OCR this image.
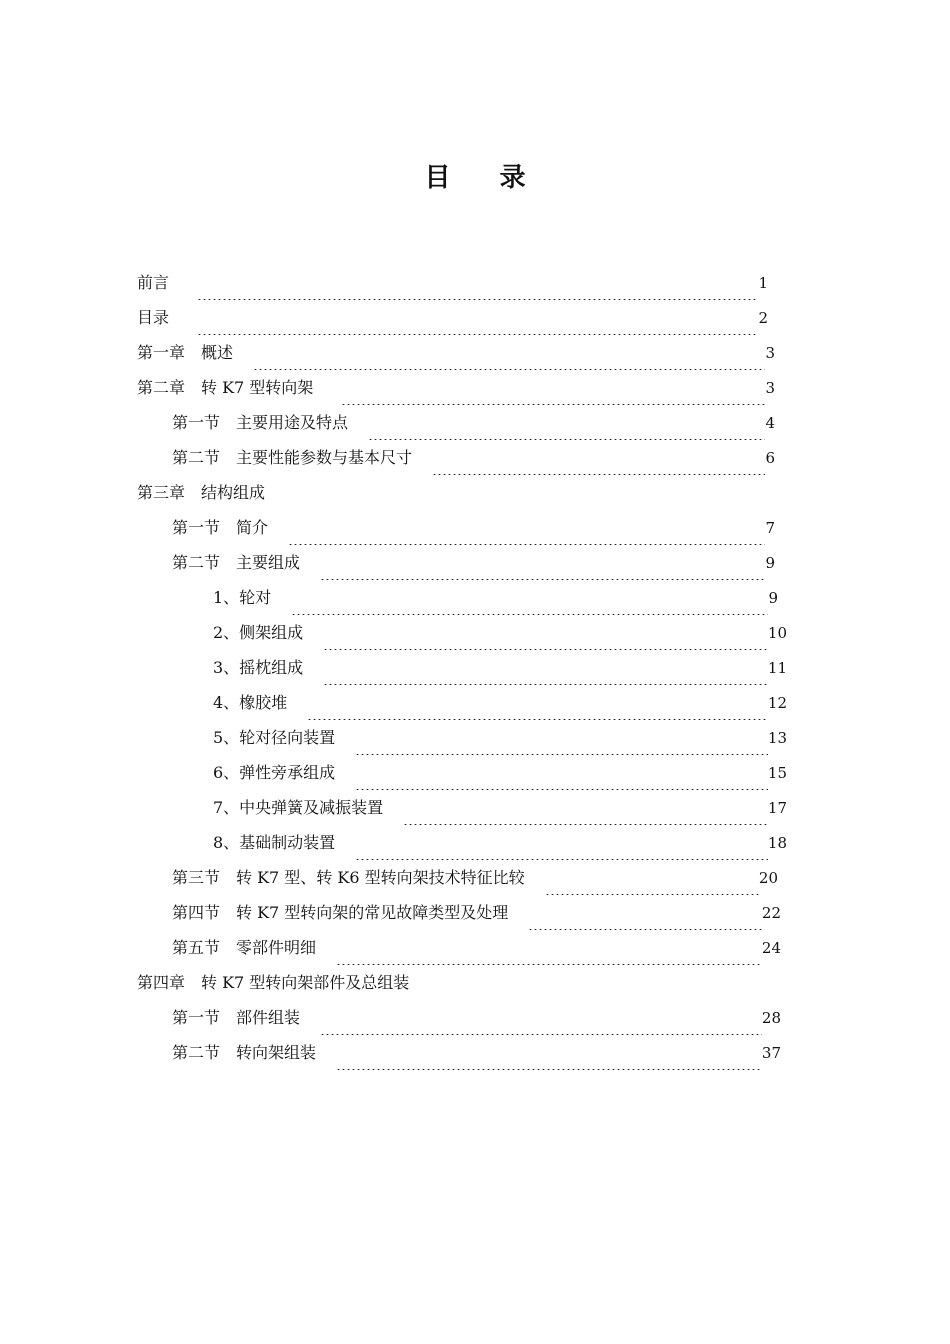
目 录
前言	1
目录	2
第一章　概述	3
第二章　转 K7 型转向架	3
第一节　主要用途及特点	4
第二节　主要性能参数与基本尺寸	6
第三章　结构组成
第一节　简介	7
第二节　主要组成	9
1、轮对	9
2、侧架组成	10
3、摇枕组成	11
4、橡胶堆	12
5、轮对径向装置	13
6、弹性旁承组成	15
7、中央弹簧及减振装置	17
8、基础制动装置	18
第三节　转 K7 型、转 K6 型转向架技术特征比较	20
第四节　转 K7 型转向架的常见故障类型及处理	22
第五节　零部件明细	24
第四章　转 K7 型转向架部件及总组装
第一节　部件组装	28
第二节　转向架组装	37
